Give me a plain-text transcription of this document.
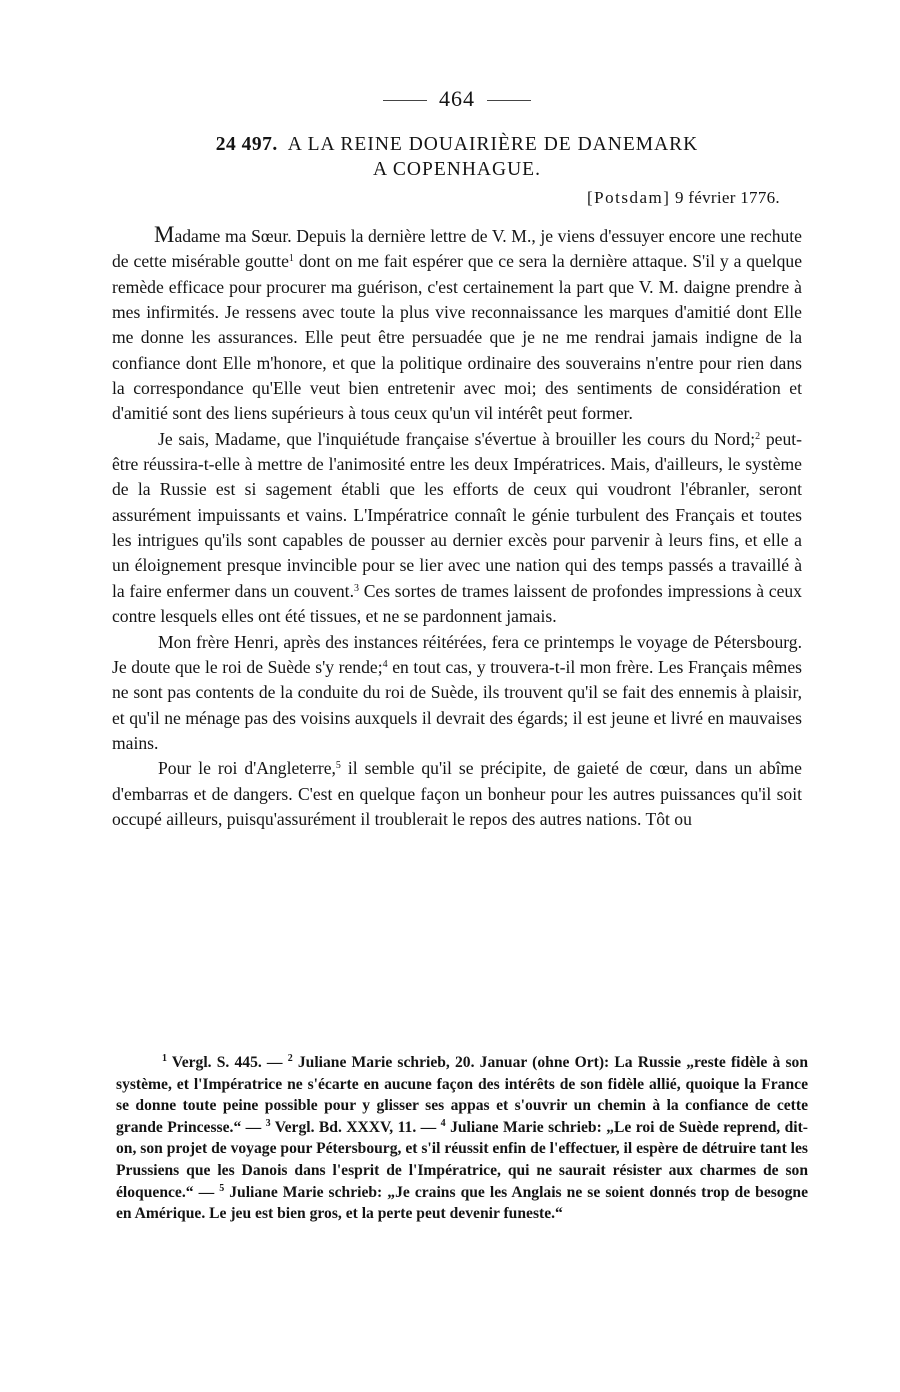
464
24 497. A LA REINE DOUAIRIÈRE DE DANEMARK
A COPENHAGUE.
[Potsdam] 9 février 1776.

Madame ma Sœur. Depuis la dernière lettre de V. M., je viens d'essuyer encore une rechute de cette misérable goutte$^1$ dont on me fait espérer que ce sera la dernière attaque. S'il y a quelque remède efficace pour procurer ma guérison, c'est certainement la part que V. M. daigne prendre à mes infirmités. Je ressens avec toute la plus vive reconnaissance les marques d'amitié dont Elle me donne les assurances. Elle peut être persuadée que je ne me rendrai jamais indigne de la confiance dont Elle m'honore, et que la politique ordinaire des souverains n'entre pour rien dans la correspondance qu'Elle veut bien entretenir avec moi; des sentiments de considération et d'amitié sont des liens supérieurs à tous ceux qu'un vil intérêt peut former.

Je sais, Madame, que l'inquiétude française s'évertue à brouiller les cours du Nord;$^2$ peut-être réussira-t-elle à mettre de l'animosité entre les deux Impératrices. Mais, d'ailleurs, le système de la Russie est si sagement établi que les efforts de ceux qui voudront l'ébranler, seront assurément impuissants et vains. L'Impératrice connaît le génie turbulent des Français et toutes les intrigues qu'ils sont capables de pousser au dernier excès pour parvenir à leurs fins, et elle a un éloignement presque invincible pour se lier avec une nation qui des temps passés a travaillé à la faire enfermer dans un couvent.$^3$ Ces sortes de trames laissent de profondes impressions à ceux contre lesquels elles ont été tissues, et ne se pardonnent jamais.

Mon frère Henri, après des instances réitérées, fera ce printemps le voyage de Pétersbourg. Je doute que le roi de Suède s'y rende;$^4$ en tout cas, y trouvera-t-il mon frère. Les Français mêmes ne sont pas contents de la conduite du roi de Suède, ils trouvent qu'il se fait des ennemis à plaisir, et qu'il ne ménage pas des voisins auxquels il devrait des égards; il est jeune et livré en mauvaises mains.

Pour le roi d'Angleterre,$^5$ il semble qu'il se précipite, de gaieté de cœur, dans un abîme d'embarras et de dangers. C'est en quelque façon un bonheur pour les autres puissances qu'il soit occupé ailleurs, puisqu'assurément il troublerait le repos des autres nations. Tôt ou

$^1$ Vergl. S. 445. — $^2$ Juliane Marie schrieb, 20. Januar (ohne Ort): La Russie „reste fidèle à son système, et l'Impératrice ne s'écarte en aucune façon des intérêts de son fidèle allié, quoique la France se donne toute peine possible pour y glisser ses appas et s'ouvrir un chemin à la confiance de cette grande Princesse.“ — $^3$ Vergl. Bd. XXXV, 11. — $^4$ Juliane Marie schrieb: „Le roi de Suède reprend, dit-on, son projet de voyage pour Pétersbourg, et s'il réussit enfin de l'effectuer, il espère de détruire tant les Prussiens que les Danois dans l'esprit de l'Impératrice, qui ne saurait résister aux charmes de son éloquence.“ — $^5$ Juliane Marie schrieb: „Je crains que les Anglais ne se soient donnés trop de besogne en Amérique. Le jeu est bien gros, et la perte peut devenir funeste.“
